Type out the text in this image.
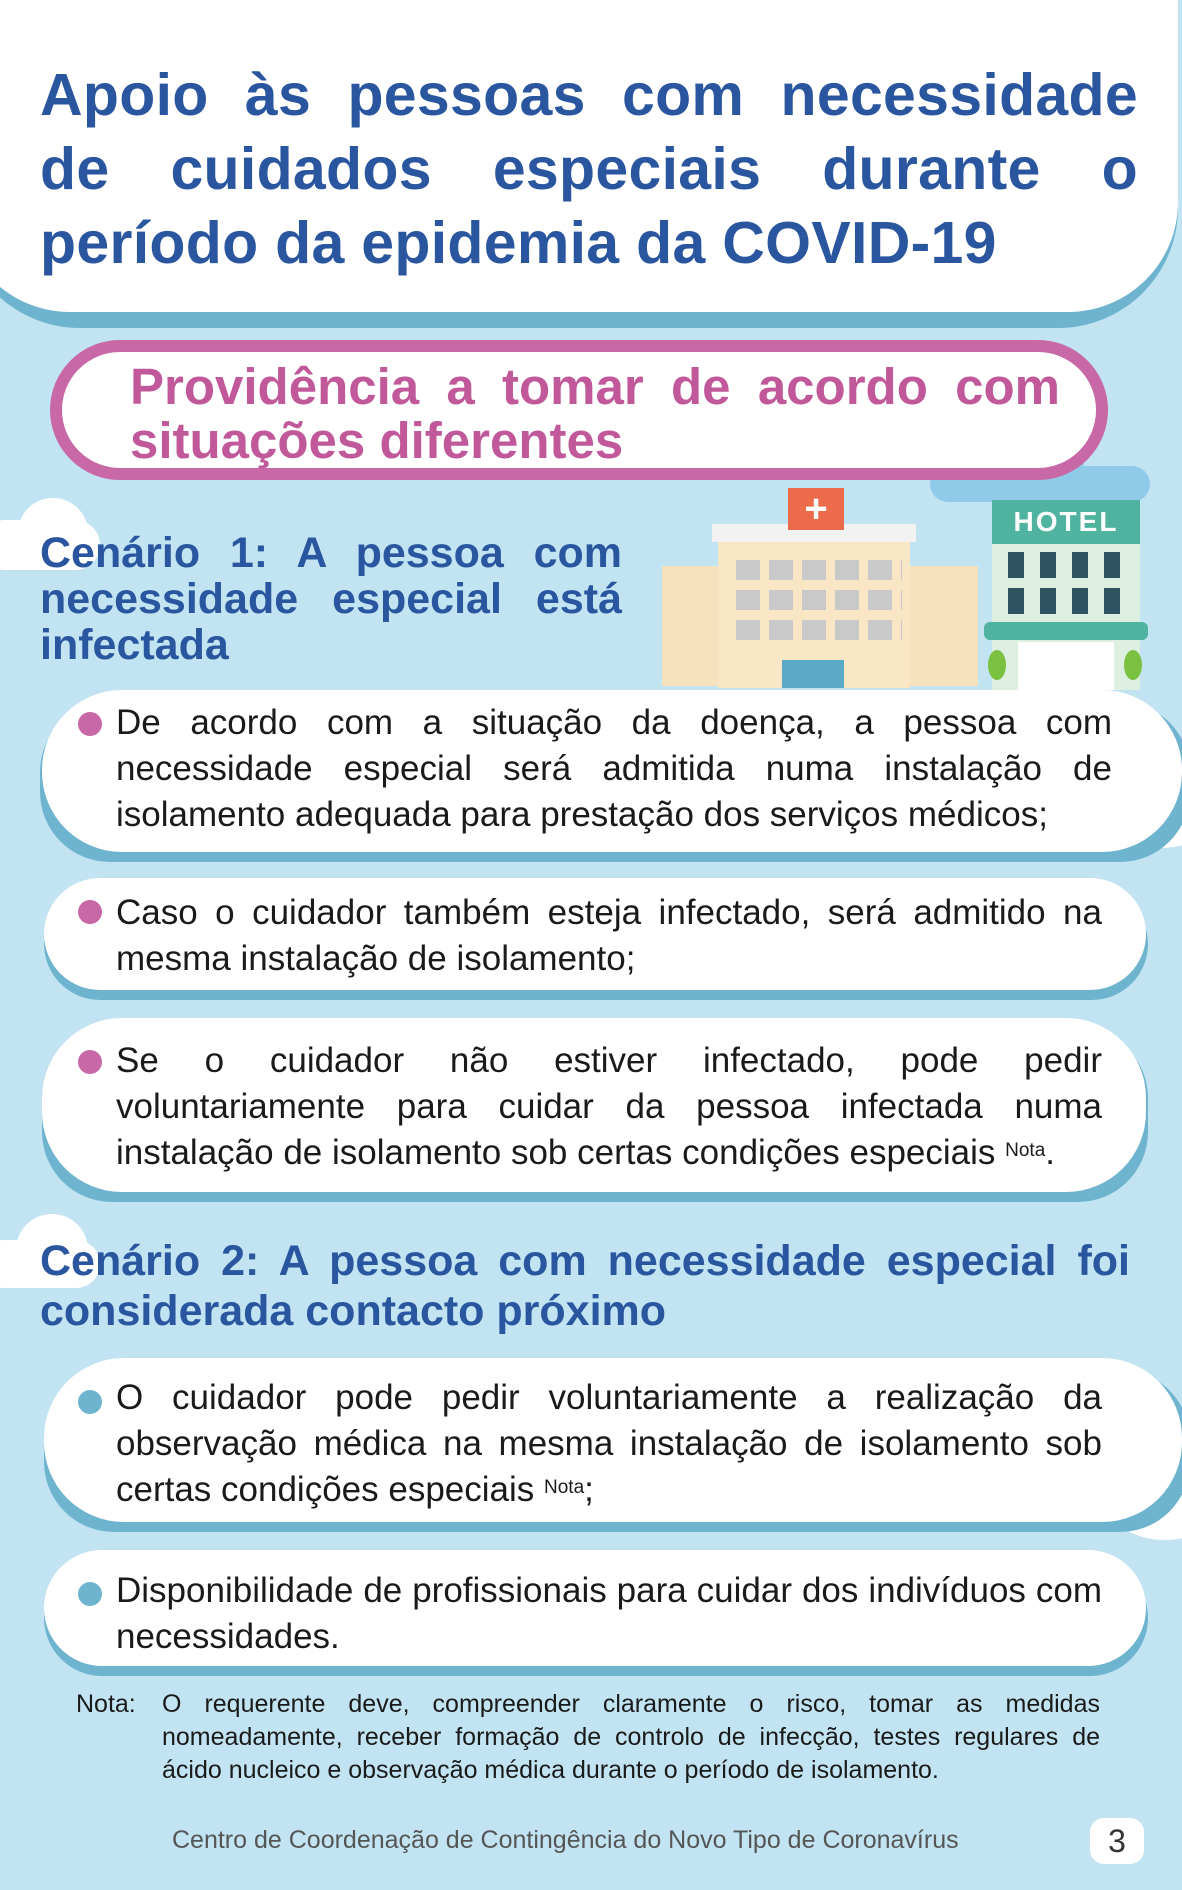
Apoio às pessoas com necessidade de cuidados especiais durante o período da epidemia da COVID-19
Providência a tomar de acordo com situações diferentes
+	HOTEL
Cenário 1: A pessoa com necessidade especial está infectada

De acordo com a situação da doença, a pessoa com necessidade especial será admitida numa instalação de isolamento adequada para prestação dos serviços médicos;

Caso o cuidador também esteja infectado, será admitido na mesma instalação de isolamento;

Se o cuidador não estiver infectado, pode pedir voluntariamente para cuidar da pessoa infectada numa instalação de isolamento sob certas condições especiais $^{Nota}$.

Cenário 2: A pessoa com necessidade especial foi considerada contacto próximo

O cuidador pode pedir voluntariamente a realização da observação médica na mesma instalação de isolamento sob certas condições especiais $^{Nota}$;

Disponibilidade de profissionais para cuidar dos indivíduos com necessidades.

Nota: O requerente deve, compreender claramente o risco, tomar as medidas nomeadamente, receber formação de controlo de infecção, testes regulares de ácido nucleico e observação médica durante o período de isolamento.

Centro de Coordenação de Contingência do Novo Tipo de Coronavírus	3
